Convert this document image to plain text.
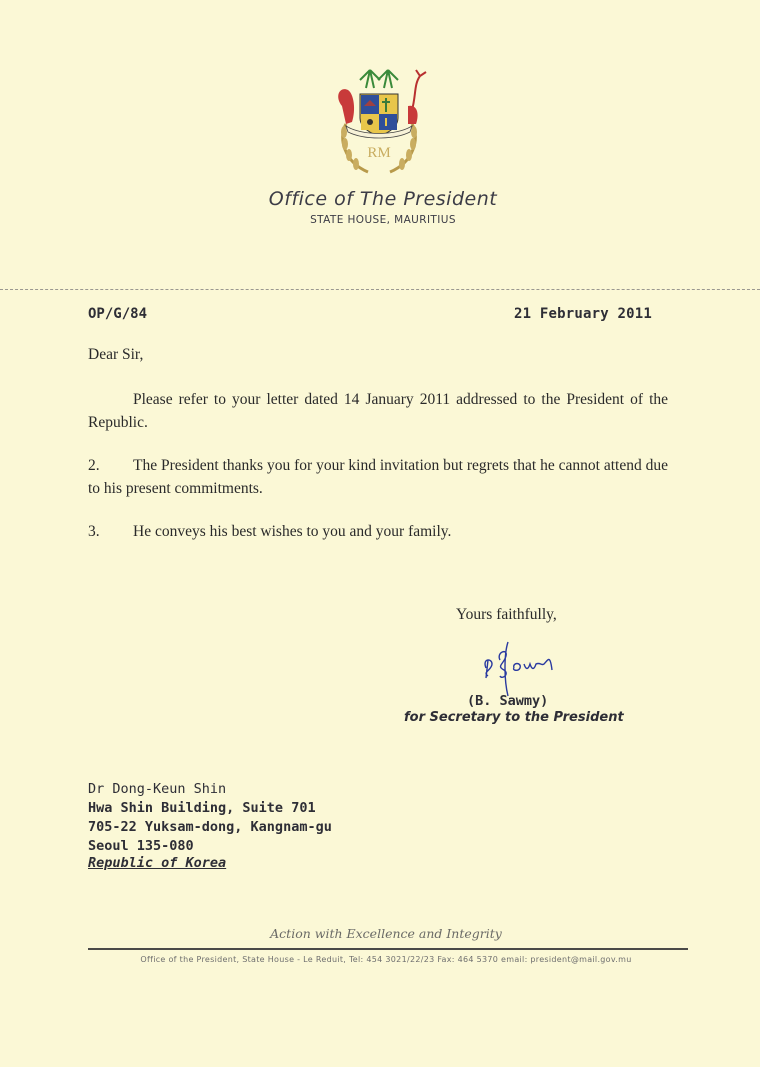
RM
Office of The President
STATE HOUSE, MAURITIUS
OP/G/84	21 February 2011
Dear Sir,
Please refer to your letter dated 14 January 2011 addressed to the President of the Republic.
2. The President thanks you for your kind invitation but regrets that he cannot attend due to his present commitments.
3. He conveys his best wishes to you and your family.
Yours faithfully,
(B. Sawmy)
for Secretary to the President
Dr Dong-Keun Shin
Hwa Shin Building, Suite 701
705-22 Yuksam-dong, Kangnam-gu
Seoul 135-080
Republic of Korea
Action with Excellence and Integrity
Office of the President, State House - Le Reduit, Tel: 454 3021/22/23 Fax: 464 5370 email: president@mail.gov.mu
